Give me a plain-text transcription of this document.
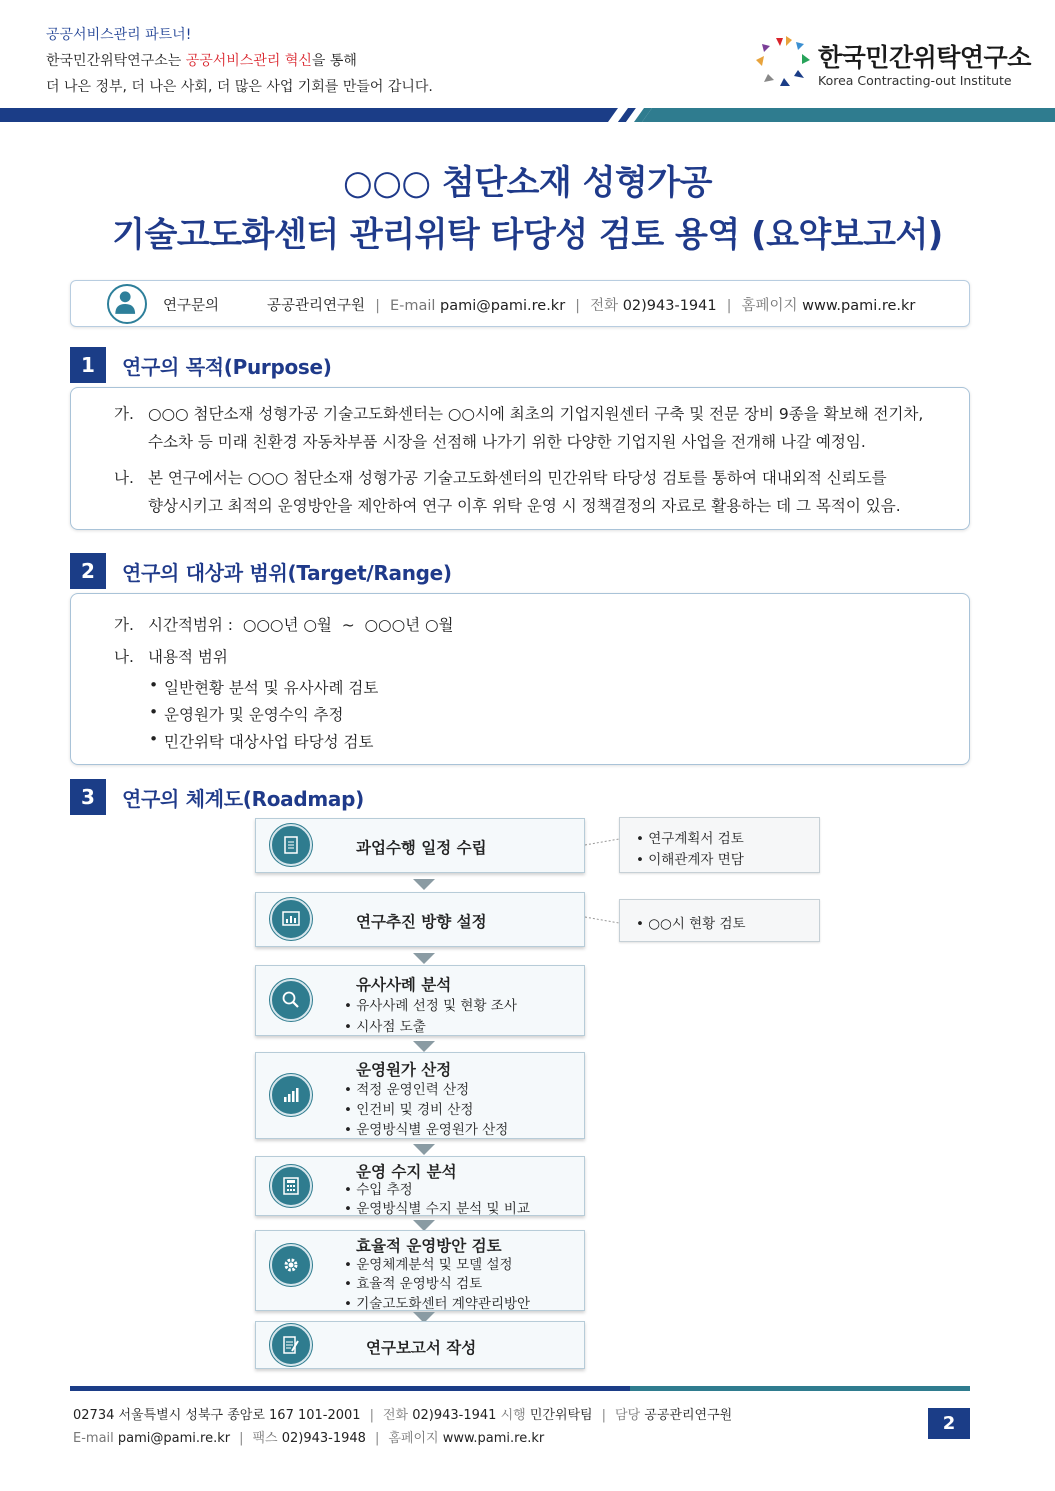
공공서비스관리 파트너!
한국민간위탁연구소는 공공서비스관리 혁신을 통해
더 나은 정부, 더 나은 사회, 더 많은 사업 기회를 만들어 갑니다.
한국민간위탁연구소
Korea Contracting-out Institute
○○○ 첨단소재 성형가공
기술고도화센터 관리위탁 타당성 검토 용역 (요약보고서)
연구문의	공공관리연구원 | E-mail pami@pami.re.kr | 전화 02)943-1941 | 홈페이지 www.pami.re.kr
1	연구의 목적(Purpose)
가. ○○○ 첨단소재 성형가공 기술고도화센터는 ○○시에 최초의 기업지원센터 구축 및 전문 장비 9종을 확보해 전기차,
수소차 등 미래 친환경 자동차부품 시장을 선점해 나가기 위한 다양한 기업지원 사업을 전개해 나갈 예정임.
나. 본 연구에서는 ○○○ 첨단소재 성형가공 기술고도화센터의 민간위탁 타당성 검토를 통하여 대내외적 신뢰도를
향상시키고 최적의 운영방안을 제안하여 연구 이후 위탁 운영 시 정책결정의 자료로 활용하는 데 그 목적이 있음.
2	연구의 대상과 범위(Target/Range)
가. 시간적범위 :  ○○○년 ○월  ~  ○○○년 ○월
나. 내용적 범위
• 일반현황 분석 및 유사사례 검토
• 운영원가 및 운영수익 추정
• 민간위탁 대상사업 타당성 검토
3	연구의 체계도(Roadmap)
과업수행 일정 수립
연구추진 방향 설정
유사사례 분석
• 유사사례 선정 및 현황 조사
• 시사점 도출
운영원가 산정
• 적정 운영인력 산정
• 인건비 및 경비 산정
• 운영방식별 운영원가 산정
운영 수지 분석
• 수입 추정
• 운영방식별 수지 분석 및 비교
효율적 운영방안 검토
• 운영체계분석 및 모델 설정
• 효율적 운영방식 검토
• 기술고도화센터 계약관리방안
연구보고서 작성
• 연구계획서 검토
• 이해관계자 면담
• ○○시 현황 검토
02734 서울특별시 성북구 종암로 167 101-2001 | 전화 02)943-1941 시행 민간위탁팀 | 담당 공공관리연구원
E-mail pami@pami.re.kr | 팩스 02)943-1948 | 홈페이지 www.pami.re.kr
2
